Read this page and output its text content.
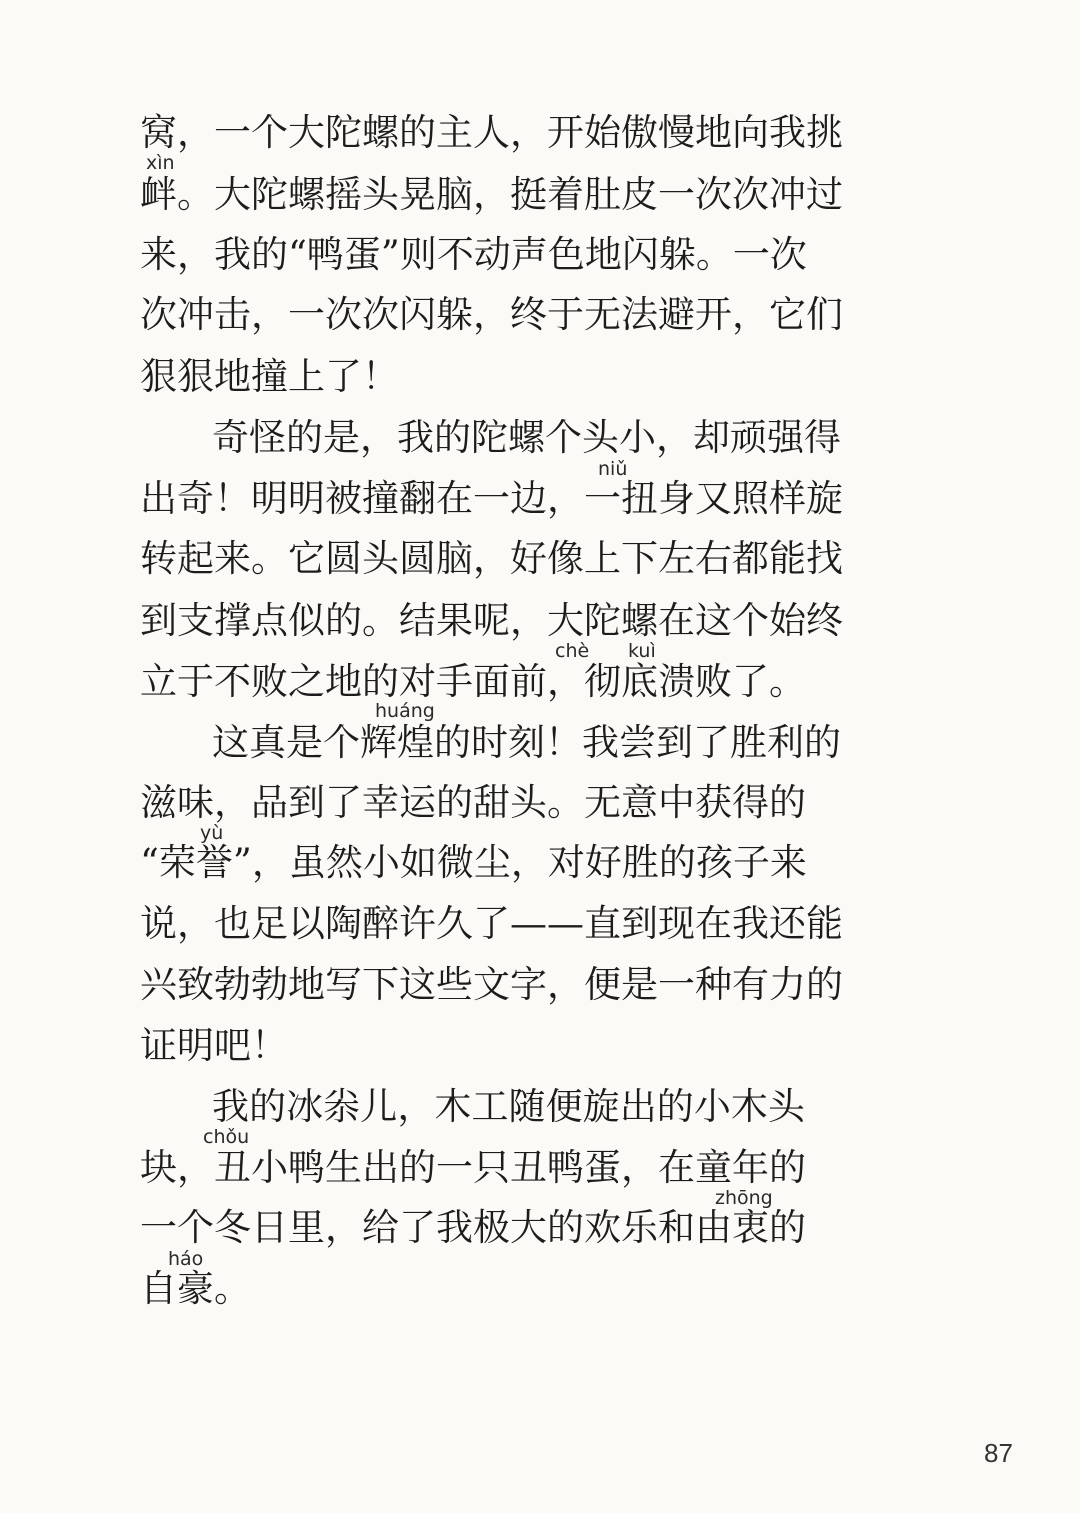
窝，一个大陀螺的主人，开始傲慢地向我挑
xìn
衅。大陀螺摇头晃脑，挺着肚皮一次次冲过
来，我的“鸭蛋”则不动声色地闪躲。一次
次冲击，一次次闪躲，终于无法避开，它们
狠狠地撞上了！
奇怪的是，我的陀螺个头小，却顽强得
niǔ
出奇！明明被撞翻在一边，一扭身又照样旋
转起来。它圆头圆脑，好像上下左右都能找
到支撑点似的。结果呢，大陀螺在这个始终
chè kuì
立于不败之地的对手面前，彻底溃败了。
huáng
这真是个辉煌的时刻！我尝到了胜利的
滋味，品到了幸运的甜头。无意中获得的
yù
“荣誉”，虽然小如微尘，对好胜的孩子来
说，也足以陶醉许久了——直到现在我还能
兴致勃勃地写下这些文字，便是一种有力的
证明吧！
我的冰尜儿，木工随便旋出的小木头
chǒu
块，丑小鸭生出的一只丑鸭蛋，在童年的
zhōng
一个冬日里，给了我极大的欢乐和由衷的
háo
自豪。
87
